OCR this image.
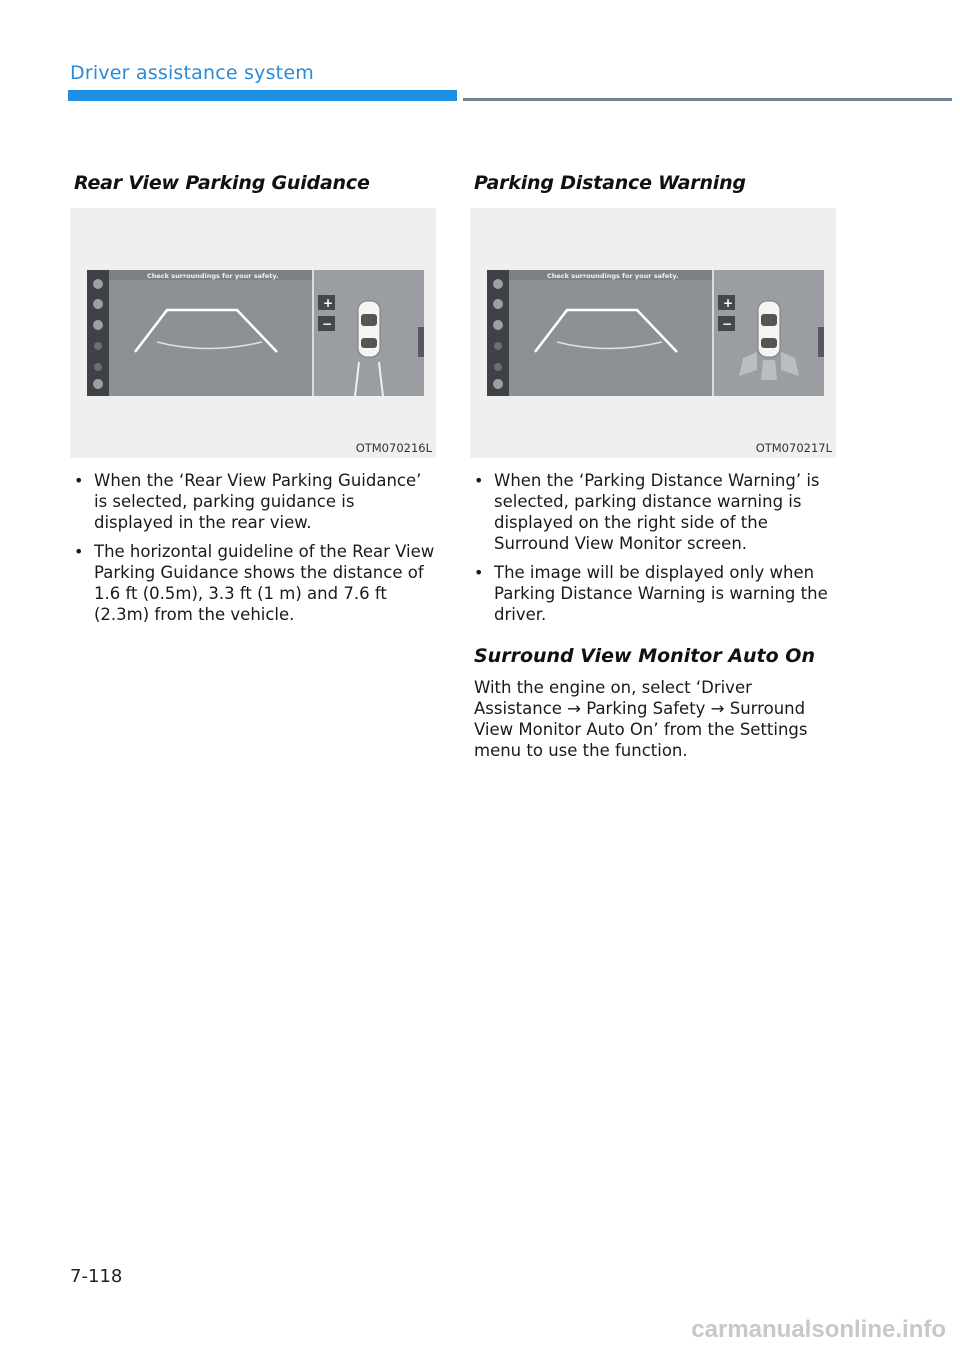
Driver assistance system
Rear View Parking Guidance
Check surroundings for your safety.
+
−
OTM070216L
• When the ‘Rear View Parking Guidance’ is selected, parking guidance is displayed in the rear view.
• The horizontal guideline of the Rear View Parking Guidance shows the distance of 1.6 ft (0.5m), 3.3 ft (1 m) and 7.6 ft (2.3m) from the vehicle.
Parking Distance Warning
Check surroundings for your safety.
+
−
OTM070217L
• When the ‘Parking Distance Warning’ is selected, parking distance warning is displayed on the right side of the Surround View Monitor screen.
• The image will be displayed only when Parking Distance Warning is warning the driver.
Surround View Monitor Auto On

With the engine on, select ‘Driver Assistance → Parking Safety → Surround View Monitor Auto On’ from the Settings menu to use the function.

7-118
carmanualsonline.info
